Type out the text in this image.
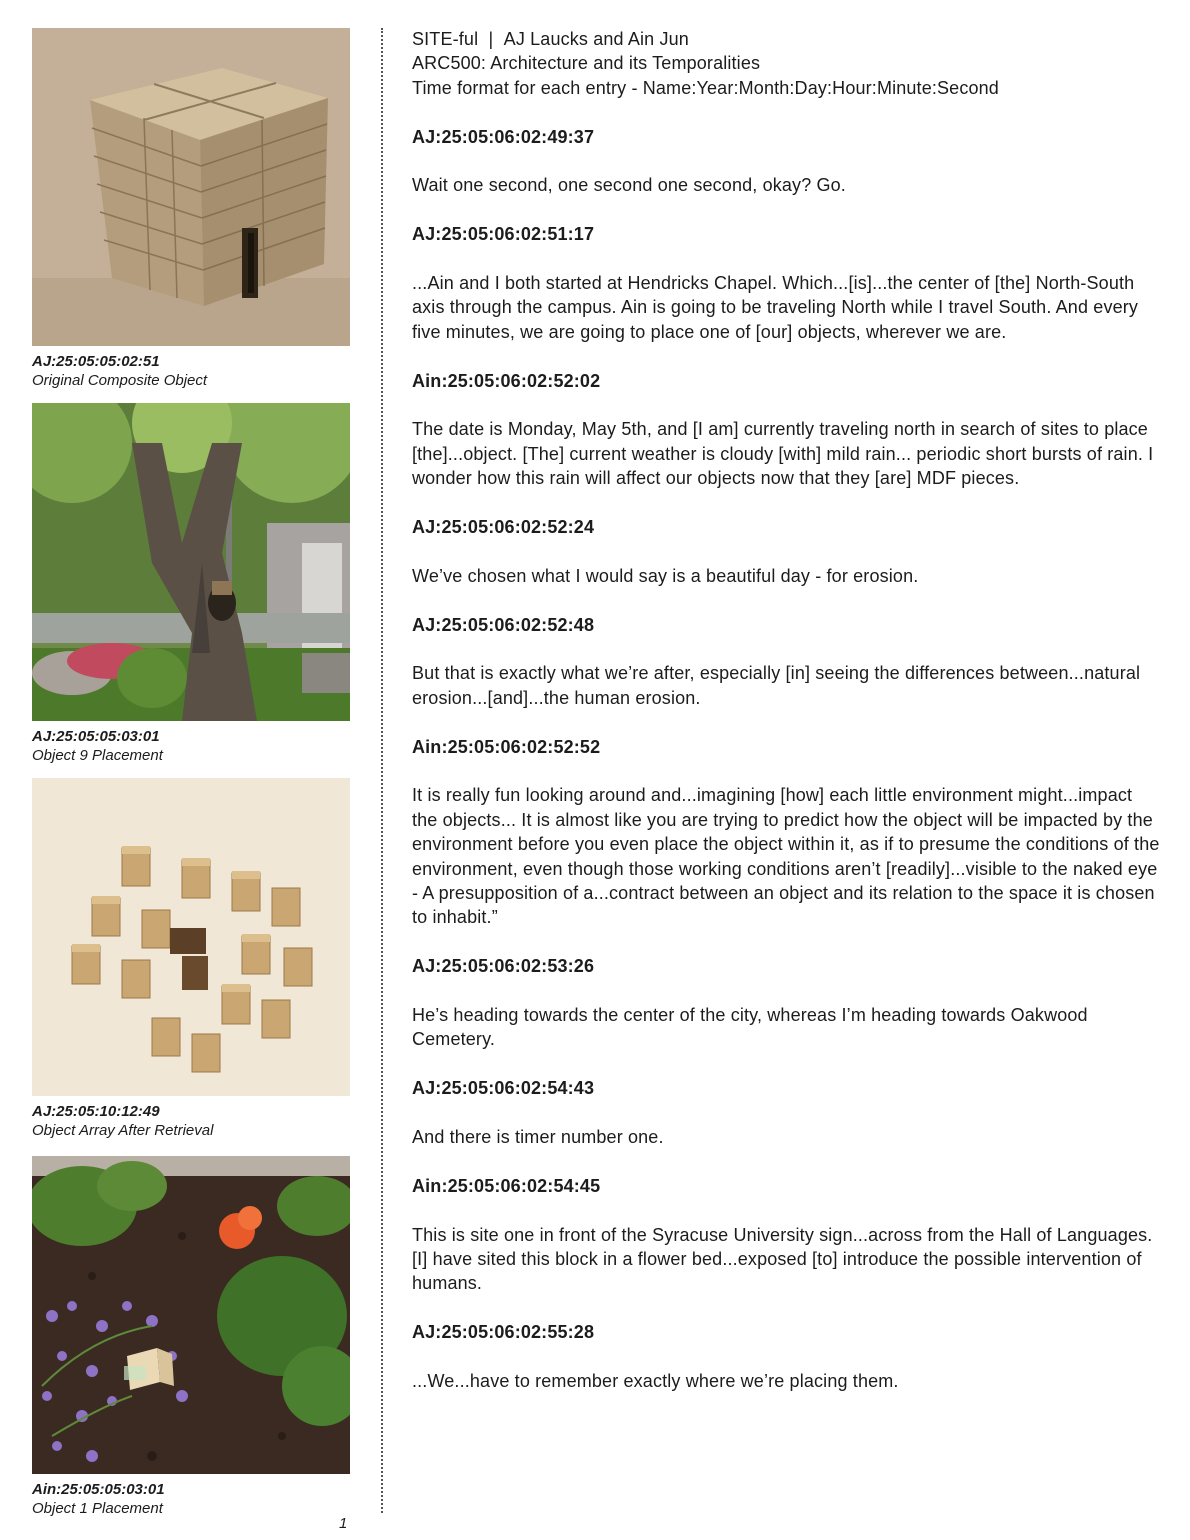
AJ:25:05:05:02:51
Original Composite Object
AJ:25:05:05:03:01
Object 9 Placement
AJ:25:05:10:12:49
Object Array After Retrieval
Ain:25:05:05:03:01
Object 1 Placement
1

SITE-ful | AJ Laucks and Ain Jun

ARC500: Architecture and its Temporalities

Time format for each entry - Name:Year:Month:Day:Hour:Minute:Second

AJ:25:05:06:02:49:37

Wait one second, one second one second, okay? Go.

AJ:25:05:06:02:51:17

...Ain and I both started at Hendricks Chapel. Which...[is]...the center of [the] North-South axis through the campus. Ain is going to be traveling North while I travel South. And every five minutes, we are going to place one of [our] objects, wherever we are.

Ain:25:05:06:02:52:02

The date is Monday, May 5th, and [I am] currently traveling north in search of sites to place [the]...object. [The] current weather is cloudy [with] mild rain... periodic short bursts of rain. I wonder how this rain will affect our objects now that they [are] MDF pieces.

AJ:25:05:06:02:52:24

We’ve chosen what I would say is a beautiful day - for erosion.

AJ:25:05:06:02:52:48

But that is exactly what we’re after, especially [in] seeing the differences between...natural erosion...[and]...the human erosion.

Ain:25:05:06:02:52:52

It is really fun looking around and...imagining [how] each little environment might...impact the objects... It is almost like you are trying to predict how the object will be impacted by the environment before you even place the object within it, as if to presume the conditions of the environment, even though those working conditions aren’t [readily]...visible to the naked eye - A presupposition of a...contract between an object and its relation to the space it is chosen to inhabit.”

AJ:25:05:06:02:53:26

He’s heading towards the center of the city, whereas I’m heading towards Oakwood Cemetery.

AJ:25:05:06:02:54:43

And there is timer number one.

Ain:25:05:06:02:54:45

This is site one in front of the Syracuse University sign...across from the Hall of Languages. [I] have sited this block in a flower bed...exposed [to] introduce the possible intervention of humans.

AJ:25:05:06:02:55:28

...We...have to remember exactly where we’re placing them.
